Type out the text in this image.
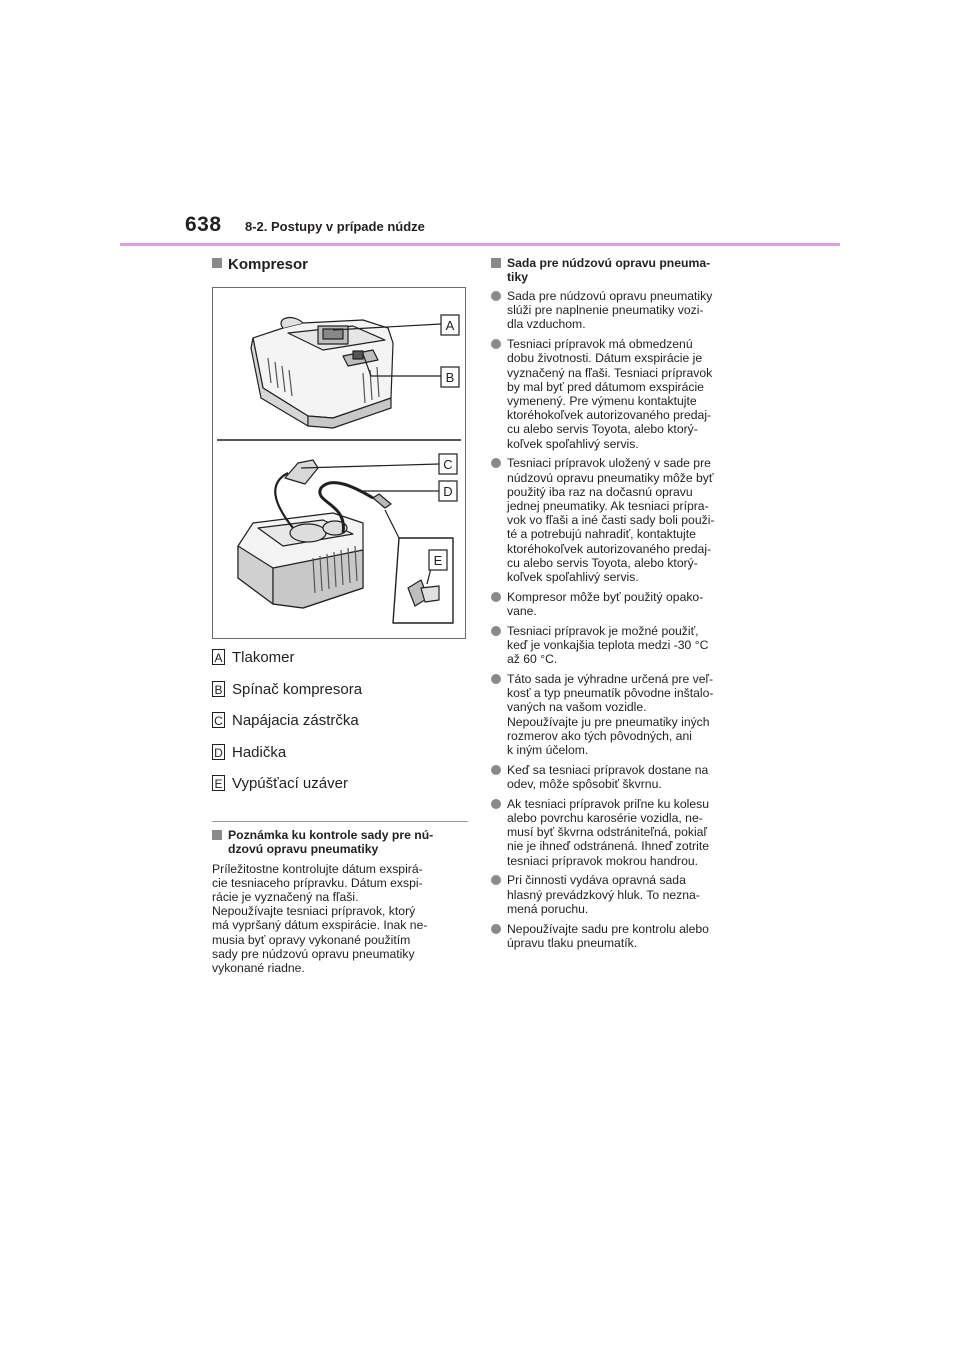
638 8-2. Postupy v prípade núdze
Kompresor
A
B
C
D
E
A Tlakomer
B Spínač kompresora
C Napájacia zástrčka
D Hadička
E Vypúšťací uzáver
Poznámka ku kontrole sady pre nú-
dzovú opravu pneumatiky
Príležitostne kontrolujte dátum exspirá-
cie tesniaceho prípravku. Dátum exspi-
rácie je vyznačený na fľaši.
Nepoužívajte tesniaci prípravok, ktorý
má vypršaný dátum exspirácie. Inak ne-
musia byť opravy vykonané použitím
sady pre núdzovú opravu pneumatiky
vykonané riadne.
Sada pre núdzovú opravu pneuma-
tiky
Sada pre núdzovú opravu pneumatiky
slúži pre naplnenie pneumatiky vozi-
dla vzduchom.
Tesniaci prípravok má obmedzenú
dobu životnosti. Dátum exspirácie je
vyznačený na fľaši. Tesniaci prípravok
by mal byť pred dátumom exspirácie
vymenený. Pre výmenu kontaktujte
ktoréhokoľvek autorizovaného predaj-
cu alebo servis Toyota, alebo ktorý-
koľvek spoľahlivý servis.
Tesniaci prípravok uložený v sade pre
núdzovú opravu pneumatiky môže byť
použitý iba raz na dočasnú opravu
jednej pneumatiky. Ak tesniaci prípra-
vok vo fľaši a iné časti sady boli použi-
té a potrebujú nahradiť, kontaktujte
ktoréhokoľvek autorizovaného predaj-
cu alebo servis Toyota, alebo ktorý-
koľvek spoľahlivý servis.
Kompresor môže byť použitý opako-
vane.
Tesniaci prípravok je možné použiť,
keď je vonkajšia teplota medzi -30 °C
až 60 °C.
Táto sada je výhradne určená pre veľ-
kosť a typ pneumatík pôvodne inštalo-
vaných na vašom vozidle.
Nepoužívajte ju pre pneumatiky iných
rozmerov ako tých pôvodných, ani
k iným účelom.
Keď sa tesniaci prípravok dostane na
odev, môže spôsobiť škvrnu.
Ak tesniaci prípravok priľne ku kolesu
alebo povrchu karosérie vozidla, ne-
musí byť škvrna odstrániteľná, pokiaľ
nie je ihneď odstránená. Ihneď zotrite
tesniaci prípravok mokrou handrou.
Pri činnosti vydáva opravná sada
hlasný prevádzkový hluk. To nezna-
mená poruchu.
Nepoužívajte sadu pre kontrolu alebo
úpravu tlaku pneumatík.
